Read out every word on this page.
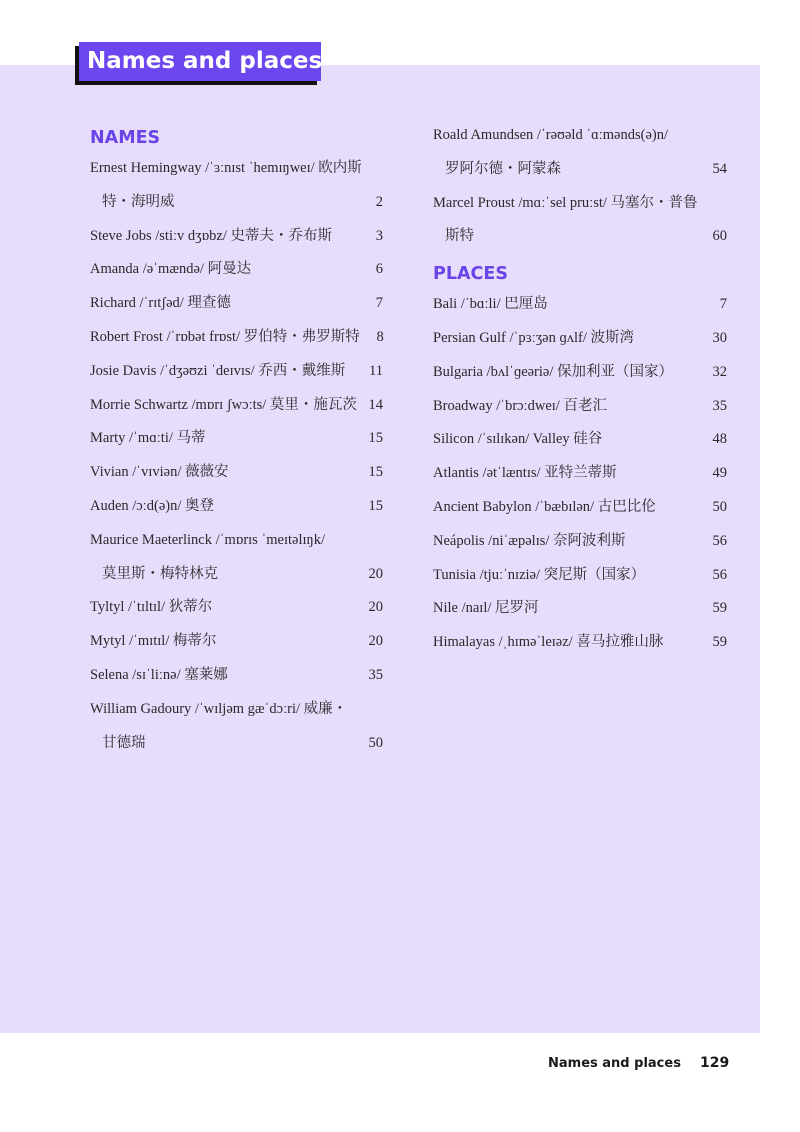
Names and places
NAMES
Ernest Hemingway /ˈɜːnɪst ˈhemɪŋweɪ/ 欧内斯
特・海明威	2
Steve Jobs /stiːv dʒɒbz/ 史蒂夫・乔布斯	3
Amanda /əˈmændə/ 阿曼达	6
Richard /ˈrɪtʃəd/ 理查德	7
Robert Frost /ˈrɒbət frɒst/ 罗伯特・弗罗斯特	8
Josie Davis /ˈdʒəʊzi ˈdeɪvɪs/ 乔西・戴维斯	11
Morrie Schwartz /mɒrɪ ʃwɔːts/ 莫里・施瓦茨 14
Marty /ˈmɑːti/ 马蒂	15
Vivian /ˈvɪviən/ 薇薇安	15
Auden /ɔːd(ə)n/ 奥登	15
Maurice Maeterlinck /ˈmɒrɪs ˈmeɪtəlɪŋk/
莫里斯・梅特林克	20
Tyltyl /ˈtɪltɪl/ 狄蒂尔	20
Mytyl /ˈmɪtɪl/ 梅蒂尔	20
Selena /sɪˈliːnə/ 塞莱娜	35
William Gadoury /ˈwɪljəm gæˈdɔːri/ 威廉・
甘德瑞	50
Roald Amundsen /ˈrəʊəld ˈɑːmənds(ə)n/
罗阿尔德・阿蒙森	54
Marcel Proust /mɑːˈsel pruːst/ 马塞尔・普鲁
斯特	60
PLACES
Bali /ˈbɑːli/ 巴厘岛	7
Persian Gulf /ˈpɜːʒən ɡʌlf/ 波斯湾	30
Bulgaria /bʌlˈɡeəriə/ 保加利亚（国家）	32
Broadway /ˈbrɔːdweɪ/ 百老汇	35
Silicon /ˈsɪlɪkən/ Valley 硅谷	48
Atlantis /ətˈlæntɪs/ 亚特兰蒂斯	49
Ancient Babylon /ˈbæbɪlən/ 古巴比伦	50
Neápolis /niˈæpəlɪs/ 奈阿波利斯	56
Tunisia /tjuːˈnɪziə/ 突尼斯（国家）	56
Nile /naɪl/ 尼罗河	59
Himalayas /ˌhɪməˈleɪəz/ 喜马拉雅山脉	59
Names and places 129
